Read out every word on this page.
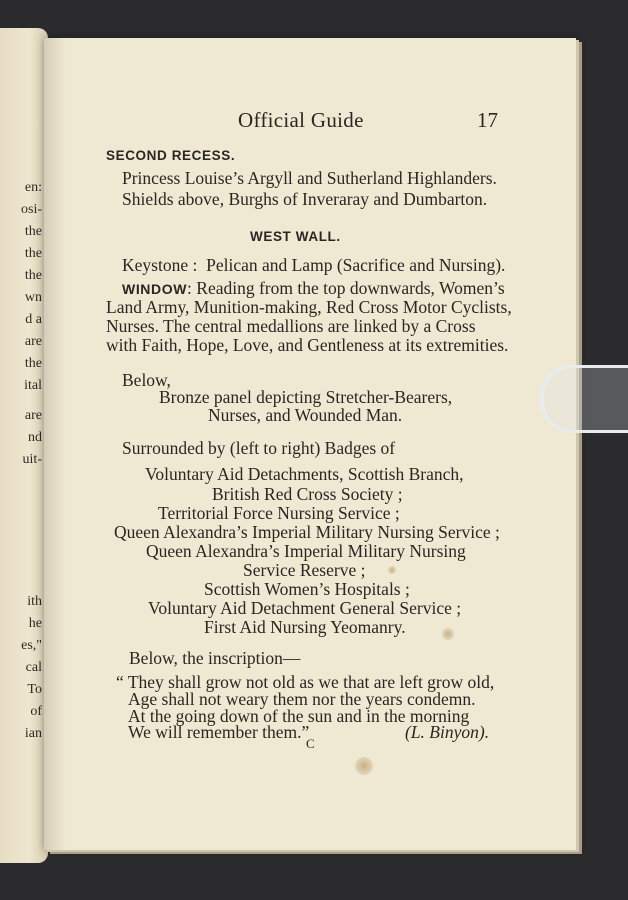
en:
osi-
the
the
the
wn
d a
are
the
ital
are
nd
uit-
ith
he
es,"
cal
To
of
ian
Official Guide	17
SECOND RECESS.
Princess Louise’s Argyll and Sutherland Highlanders.
Shields above, Burghs of Inveraray and Dumbarton.
WEST WALL.
Keystone : Pelican and Lamp (Sacrifice and Nursing).
WINDOW: Reading from the top downwards, Women’s
Land Army, Munition-making, Red Cross Motor Cyclists,
Nurses. The central medallions are linked by a Cross
with Faith, Hope, Love, and Gentleness at its extremities.
Below,
Bronze panel depicting Stretcher-Bearers,
Nurses, and Wounded Man.
Surrounded by (left to right) Badges of
Voluntary Aid Detachments, Scottish Branch,
British Red Cross Society ;
Territorial Force Nursing Service ;
Queen Alexandra’s Imperial Military Nursing Service ;
Queen Alexandra’s Imperial Military Nursing
Service Reserve ;
Scottish Women’s Hospitals ;
Voluntary Aid Detachment General Service ;
First Aid Nursing Yeomanry.
Below, the inscription—
“ They shall grow not old as we that are left grow old,
Age shall not weary them nor the years condemn.
At the going down of the sun and in the morning
We will remember them.”	(L. Binyon).
C
